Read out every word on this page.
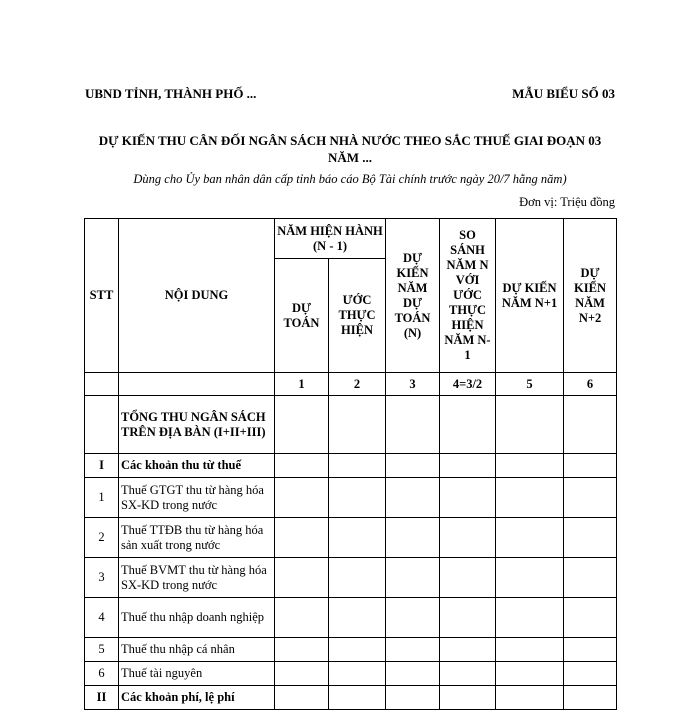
UBND TỈNH, THÀNH PHỐ ...	MẪU BIỂU SỐ 03
DỰ KIẾN THU CÂN ĐỐI NGÂN SÁCH NHÀ NƯỚC THEO SẮC THUẾ GIAI ĐOẠN 03 NĂM ...
Dùng cho Ủy ban nhân dân cấp tỉnh báo cáo Bộ Tài chính trước ngày 20/7 hằng năm)
Đơn vị: Triệu đồng
STT	NỘI DUNG	NĂM HIỆN HÀNH (N - 1)		DỰ KIẾN NĂM DỰ TOÁN (N)	SO SÁNH NĂM N VỚI ƯỚC THỰC HIỆN NĂM N-1	DỰ KIẾN NĂM N+1	DỰ KIẾN NĂM N+2
		DỰ TOÁN	ƯỚC THỰC HIỆN				
		1	2	3	4=3/2	5	6
	TỔNG THU NGÂN SÁCH TRÊN ĐỊA BÀN (I+II+III)						
I	Các khoản thu từ thuế						
1	Thuế GTGT thu từ hàng hóa SX-KD trong nước						
2	Thuế TTĐB thu từ hàng hóa sản xuất trong nước						
3	Thuế BVMT thu từ hàng hóa SX-KD trong nước						
4	Thuế thu nhập doanh nghiệp						
5	Thuế thu nhập cá nhân						
6	Thuế tài nguyên						
II	Các khoản phí, lệ phí						
